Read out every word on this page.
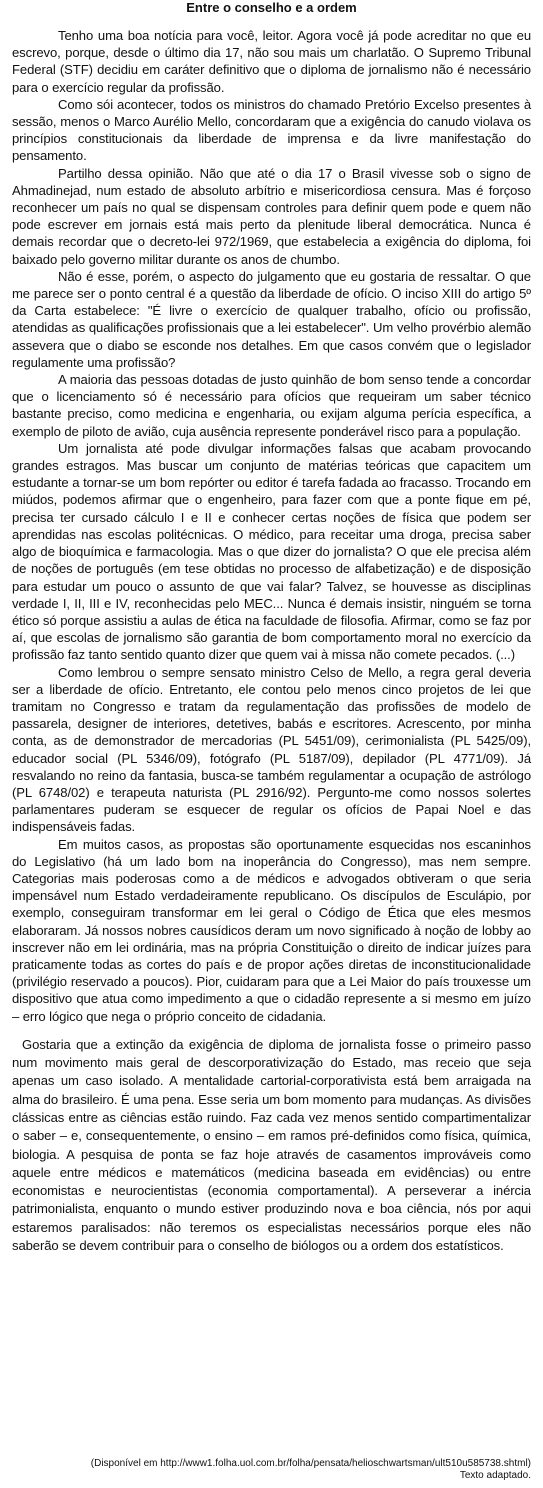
Entre o conselho e a ordem

Tenho uma boa notícia para você, leitor. Agora você já pode acreditar no que eu escrevo, porque, desde o último dia 17, não sou mais um charlatão. O Supremo Tribunal Federal (STF) decidiu em caráter definitivo que o diploma de jornalismo não é necessário para o exercício regular da profissão.

Como sói acontecer, todos os ministros do chamado Pretório Excelso presentes à sessão, menos o Marco Aurélio Mello, concordaram que a exigência do canudo violava os princípios constitucionais da liberdade de imprensa e da livre manifestação do pensamento.

Partilho dessa opinião. Não que até o dia 17 o Brasil vivesse sob o signo de Ahmadinejad, num estado de absoluto arbítrio e misericordiosa censura. Mas é forçoso reconhecer um país no qual se dispensam controles para definir quem pode e quem não pode escrever em jornais está mais perto da plenitude liberal democrática. Nunca é demais recordar que o decreto-lei 972/1969, que estabelecia a exigência do diploma, foi baixado pelo governo militar durante os anos de chumbo.

Não é esse, porém, o aspecto do julgamento que eu gostaria de ressaltar. O que me parece ser o ponto central é a questão da liberdade de ofício. O inciso XIII do artigo 5º da Carta estabelece: "É livre o exercício de qualquer trabalho, ofício ou profissão, atendidas as qualificações profissionais que a lei estabelecer". Um velho provérbio alemão assevera que o diabo se esconde nos detalhes. Em que casos convém que o legislador regulamente uma profissão?

A maioria das pessoas dotadas de justo quinhão de bom senso tende a concordar que o licenciamento só é necessário para ofícios que requeiram um saber técnico bastante preciso, como medicina e engenharia, ou exijam alguma perícia específica, a exemplo de piloto de avião, cuja ausência represente ponderável risco para a população.

Um jornalista até pode divulgar informações falsas que acabam provocando grandes estragos. Mas buscar um conjunto de matérias teóricas que capacitem um estudante a tornar-se um bom repórter ou editor é tarefa fadada ao fracasso. Trocando em miúdos, podemos afirmar que o engenheiro, para fazer com que a ponte fique em pé, precisa ter cursado cálculo I e II e conhecer certas noções de física que podem ser aprendidas nas escolas politécnicas. O médico, para receitar uma droga, precisa saber algo de bioquímica e farmacologia. Mas o que dizer do jornalista? O que ele precisa além de noções de português (em tese obtidas no processo de alfabetização) e de disposição para estudar um pouco o assunto de que vai falar? Talvez, se houvesse as disciplinas verdade I, II, III e IV, reconhecidas pelo MEC... Nunca é demais insistir, ninguém se torna ético só porque assistiu a aulas de ética na faculdade de filosofia. Afirmar, como se faz por aí, que escolas de jornalismo são garantia de bom comportamento moral no exercício da profissão faz tanto sentido quanto dizer que quem vai à missa não comete pecados. (...)

Como lembrou o sempre sensato ministro Celso de Mello, a regra geral deveria ser a liberdade de ofício. Entretanto, ele contou pelo menos cinco projetos de lei que tramitam no Congresso e tratam da regulamentação das profissões de modelo de passarela, designer de interiores, detetives, babás e escritores. Acrescento, por minha conta, as de demonstrador de mercadorias (PL 5451/09), cerimonialista (PL 5425/09), educador social (PL 5346/09), fotógrafo (PL 5187/09), depilador (PL 4771/09). Já resvalando no reino da fantasia, busca-se também regulamentar a ocupação de astrólogo (PL 6748/02) e terapeuta naturista (PL 2916/92). Pergunto-me como nossos solertes parlamentares puderam se esquecer de regular os ofícios de Papai Noel e das indispensáveis fadas.

Em muitos casos, as propostas são oportunamente esquecidas nos escaninhos do Legislativo (há um lado bom na inoperância do Congresso), mas nem sempre. Categorias mais poderosas como a de médicos e advogados obtiveram o que seria impensável num Estado verdadeiramente republicano. Os discípulos de Esculápio, por exemplo, conseguiram transformar em lei geral o Código de Ética que eles mesmos elaboraram. Já nossos nobres causídicos deram um novo significado à noção de lobby ao inscrever não em lei ordinária, mas na própria Constituição o direito de indicar juízes para praticamente todas as cortes do país e de propor ações diretas de inconstitucionalidade (privilégio reservado a poucos). Pior, cuidaram para que a Lei Maior do país trouxesse um dispositivo que atua como impedimento a que o cidadão represente a si mesmo em juízo – erro lógico que nega o próprio conceito de cidadania.

Gostaria que a extinção da exigência de diploma de jornalista fosse o primeiro passo num movimento mais geral de descorporativização do Estado, mas receio que seja apenas um caso isolado. A mentalidade cartorial-corporativista está bem arraigada na alma do brasileiro. É uma pena. Esse seria um bom momento para mudanças. As divisões clássicas entre as ciências estão ruindo. Faz cada vez menos sentido compartimentalizar o saber – e, consequentemente, o ensino – em ramos pré-definidos como física, química, biologia. A pesquisa de ponta se faz hoje através de casamentos improváveis como aquele entre médicos e matemáticos (medicina baseada em evidências) ou entre economistas e neurocientistas (economia comportamental). A perseverar a inércia patrimonialista, enquanto o mundo estiver produzindo nova e boa ciência, nós por aqui estaremos paralisados: não teremos os especialistas necessários porque eles não saberão se devem contribuir para o conselho de biólogos ou a ordem dos estatísticos.

(Disponível em http://www1.folha.uol.com.br/folha/pensata/helioschwartsman/ult510u585738.shtml)
Texto adaptado.
